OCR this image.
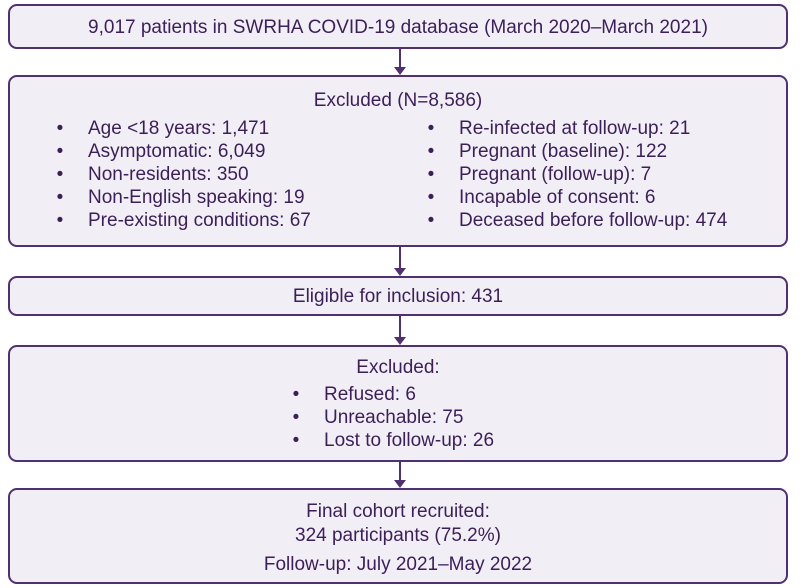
9,017 patients in SWRHA COVID-19 database (March 2020–March 2021)
Excluded (N=8,586)
•	Age <18 years: 1,471
•	Asymptomatic: 6,049
•	Non-residents: 350
•	Non-English speaking: 19
•	Pre-existing conditions: 67
•	Re-infected at follow-up: 21
•	Pregnant (baseline): 122
•	Pregnant (follow-up): 7
•	Incapable of consent: 6
•	Deceased before follow-up: 474
Eligible for inclusion: 431
Excluded:
•	Refused: 6
•	Unreachable: 75
•	Lost to follow-up: 26
Final cohort recruited:
324 participants (75.2%)
Follow-up: July 2021–May 2022
